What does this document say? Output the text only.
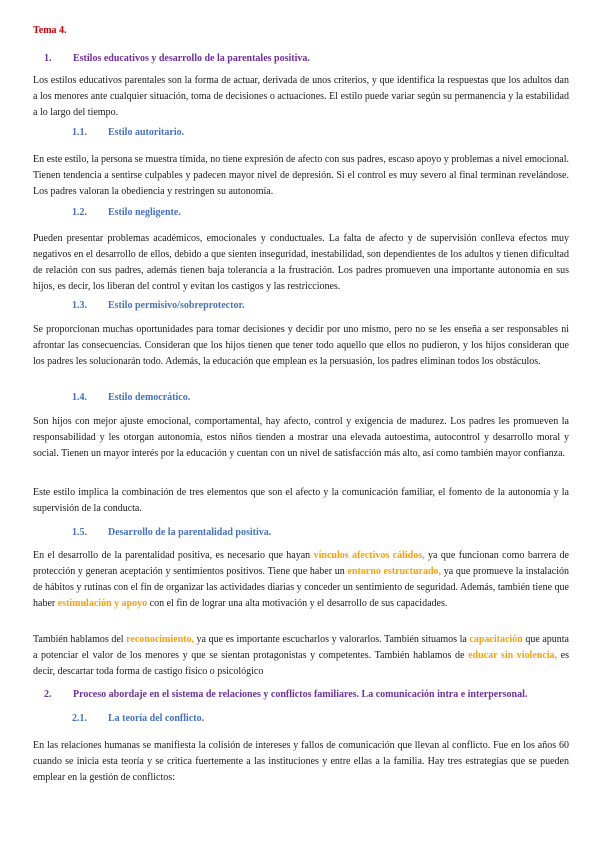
Tema 4.

1. Estilos educativos y desarrollo de la parentales positiva.

Los estilos educativos parentales son la forma de actuar, derivada de unos criterios, y que identifica la respuestas que los adultos dan a los menores ante cualquier situación, toma de decisiones o actuaciones. El estilo puede variar según su permanencia y la estabilidad a lo largo del tiempo.

1.1. Estilo autoritario.

En este estilo, la persona se muestra tímida, no tiene expresión de afecto con sus padres, escaso apoyo y problemas a nivel emocional. Tienen tendencia a sentirse culpables y padecen mayor nivel de depresión. Si el control es muy severo al final terminan revelándose. Los padres valoran la obediencia y restringen su autonomía.

1.2. Estilo negligente.

Pueden presentar problemas académicos, emocionales y conductuales. La falta de afecto y de supervisión conlleva efectos muy negativos en el desarrollo de ellos, debido a que sienten inseguridad, inestabilidad, son dependientes de los adultos y tienen dificultad de relación con sus padres, además tienen baja tolerancia a la frustración. Los padres promueven una importante autonomía en sus hijos, es decir, los liberan del control y evitan los castigos y las restricciones.

1.3. Estilo permisivo/sobreprotector.

Se proporcionan muchas oportunidades para tomar decisiones y decidir por uno mismo, pero no se les enseña a ser responsables ni afrontar las consecuencias. Consideran que los hijos tienen que tener todo aquello que ellos no pudieron, y los hijos consideran que los padres les solucionarán todo. Además, la educación que emplean es la persuasión, los padres eliminan todos los obstáculos.

1.4. Estilo democrático.

Son hijos con mejor ajuste emocional, comportamental, hay afecto, control y exigencia de madurez. Los padres les promueven la responsabilidad y les otorgan autonomía, estos niños tienden a mostrar una elevada autoestima, autocontrol y desarrollo moral y social. Tienen un mayor interés por la educación y cuentan con un nivel de satisfacción más alto, así como también mayor confianza.

Este estilo implica la combinación de tres elementos que son el afecto y la comunicación familiar, el fomento de la autonomía y la supervisión de la conducta.

1.5. Desarrollo de la parentalidad positiva.

En el desarrollo de la parentalidad positiva, es necesario que hayan vínculos afectivos cálidos, ya que funcionan como barrera de protección y generan aceptación y sentimientos positivos. Tiene que haber un entorno estructurado, ya que promueve la instalación de hábitos y rutinas con el fin de organizar las actividades diarias y conceder un sentimiento de seguridad. Además, también tiene que haber estimulación y apoyo con el fin de lograr una alta motivación y el desarrollo de sus capacidades.

También hablamos del reconocimiento, ya que es importante escucharlos y valorarlos. También situamos la capacitación que apunta a potenciar el valor de los menores y que se sientan protagonistas y competentes. También hablamos de educar sin violencia, es decir, descartar toda forma de castigo físico o psicológico

2. Proceso abordaje en el sistema de relaciones y conflictos familiares. La comunicación intra e interpersonal.

2.1. La teoría del conflicto.

En las relaciones humanas se manifiesta la colisión de intereses y fallos de comunicación que llevan al conflicto. Fue en los años 60 cuando se inicia esta teoría y se critica fuertemente a las instituciones y entre ellas a la familia. Hay tres estrategias que se pueden emplear en la gestión de conflictos:
